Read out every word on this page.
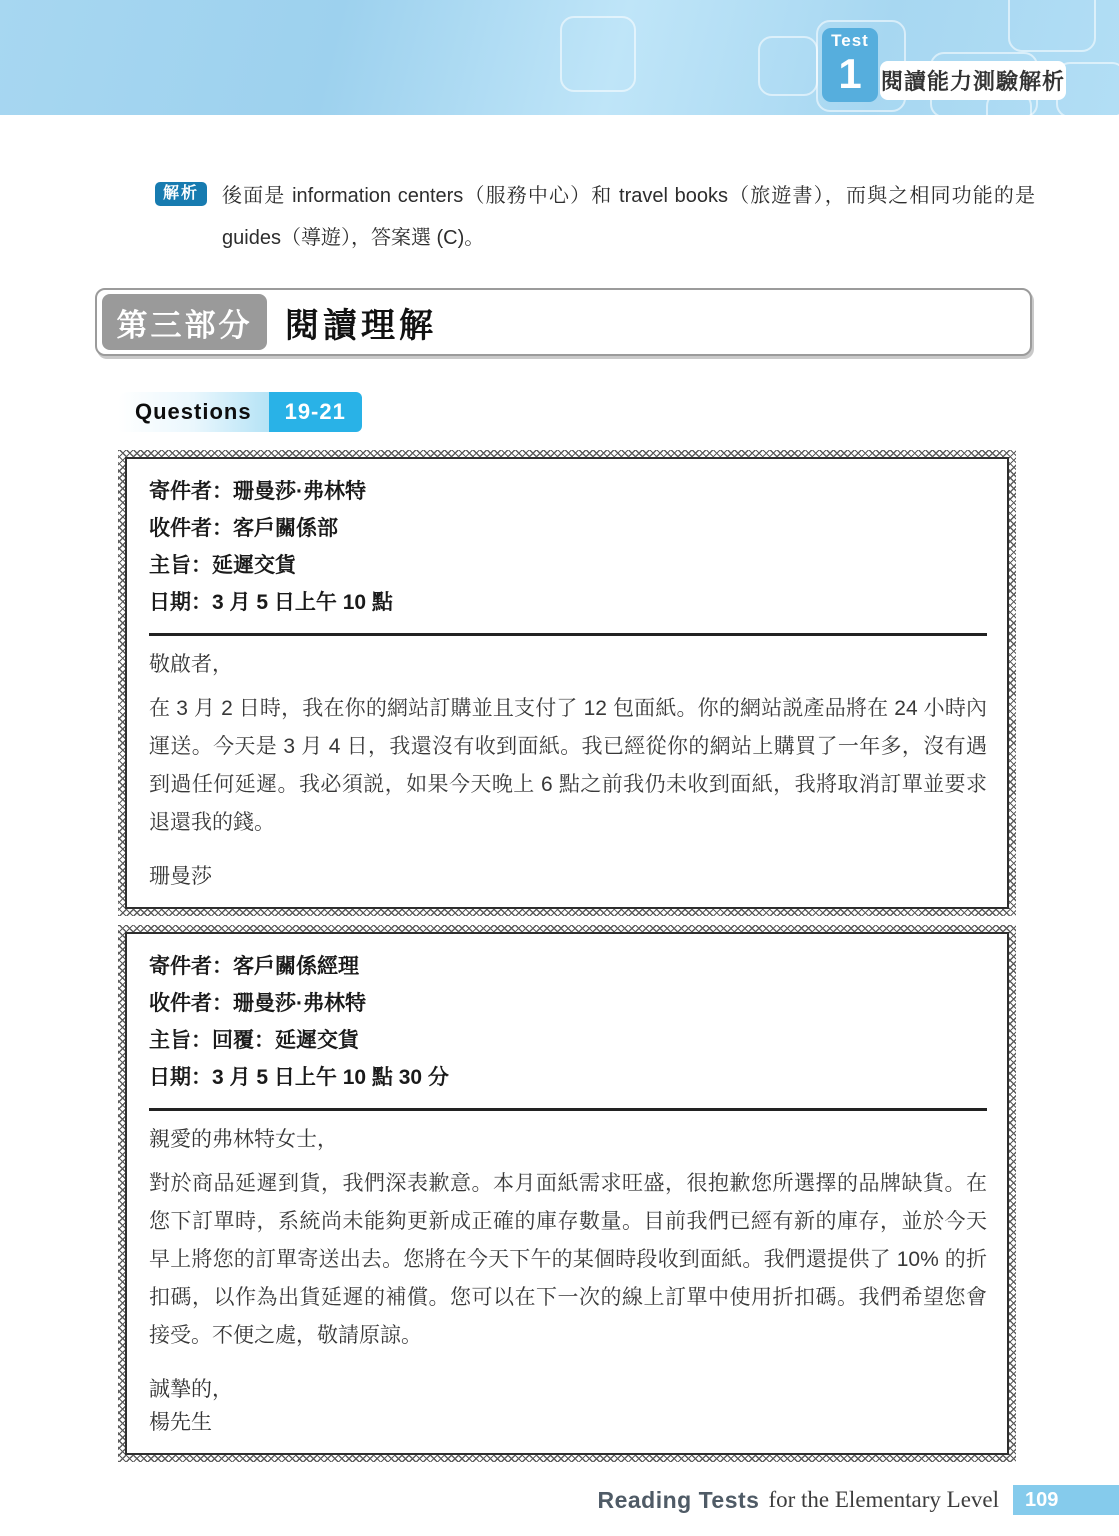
Test
1 閱讀能力測驗解析
解析	後面是 information centers（服務中心）和 travel books（旅遊書），而與之相同功能的是 guides（導遊），答案選 (C)。
第三部分 閱讀理解
Questions	19-21
寄件者：珊曼莎·弗林特
收件者：客戶關係部
主旨：延遲交貨
日期：3 月 5 日上午 10 點
敬啟者，
在 3 月 2 日時，我在你的網站訂購並且支付了 12 包面紙。你的網站説產品將在 24 小時內運送。今天是 3 月 4 日，我還沒有收到面紙。我已經從你的網站上購買了一年多，沒有遇到過任何延遲。我必須説，如果今天晚上 6 點之前我仍未收到面紙，我將取消訂單並要求退還我的錢。
珊曼莎
寄件者：客戶關係經理
收件者：珊曼莎·弗林特
主旨：回覆：延遲交貨
日期：3 月 5 日上午 10 點 30 分
親愛的弗林特女士，
對於商品延遲到貨，我們深表歉意。本月面紙需求旺盛，很抱歉您所選擇的品牌缺貨。在您下訂單時，系統尚未能夠更新成正確的庫存數量。目前我們已經有新的庫存，並於今天早上將您的訂單寄送出去。您將在今天下午的某個時段收到面紙。我們還提供了 10% 的折扣碼，以作為出貨延遲的補償。您可以在下一次的線上訂單中使用折扣碼。我們希望您會接受。不便之處，敬請原諒。
誠摯的，
楊先生
Reading Tests for the Elementary Level	109
